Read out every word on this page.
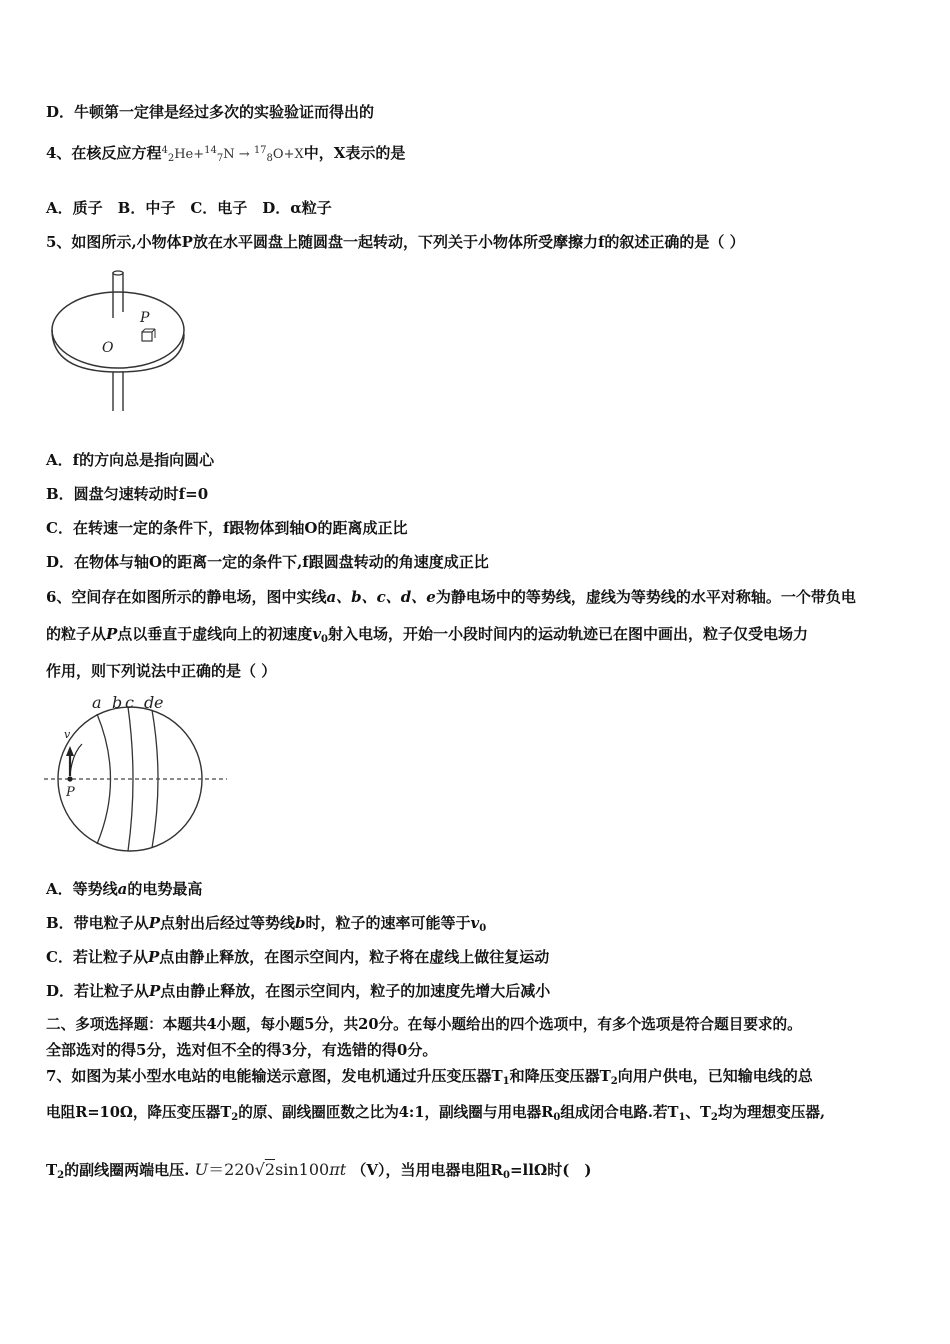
D．牛顿第一定律是经过多次的实验验证而得出的
4、在核反应方程$^4_2$He+$^{14}_7$N → $^{17}_8$O+X中，X表示的是
A．质子　B．中子　C．电子　D．α粒子
5、如图所示,小物体P放在水平圆盘上随圆盘一起转动，下列关于小物体所受摩擦力f的叙述正确的是（ ）
P
O
A．f的方向总是指向圆心
B．圆盘匀速转动时f=0
C．在转速一定的条件下，f跟物体到轴O的距离成正比
D．在物体与轴O的距离一定的条件下,f跟圆盘转动的角速度成正比
6、空间存在如图所示的静电场，图中实线a、b、c、d、e为静电场中的等势线，虚线为等势线的水平对称轴。一个带负电
的粒子从P点以垂直于虚线向上的初速度$v_0$射入电场，开始一小段时间内的运动轨迹已在图中画出，粒子仅受电场力
作用，则下列说法中正确的是（ ）
v
P
a b c d e
A．等势线a的电势最高
B．带电粒子从P点射出后经过等势线b时，粒子的速率可能等于$v_0$
C．若让粒子从P点由静止释放，在图示空间内，粒子将在虚线上做往复运动
D．若让粒子从P点由静止释放，在图示空间内，粒子的加速度先增大后减小
二、多项选择题：本题共4小题，每小题5分，共20分。在每小题给出的四个选项中，有多个选项是符合题目要求的。
全部选对的得5分，选对但不全的得3分，有选错的得0分。
7、如图为某小型水电站的电能输送示意图，发电机通过升压变压器$T_1$和降压变压器$T_2$向用户供电，已知输电线的总
电阻R=10Ω，降压变压器$T_2$的原、副线圈匝数之比为4:1，副线圈与用电器$R_0$组成闭合电路.若$T_1$、$T_2$均为理想变压器,
$T_2$的副线圈两端电压. U＝220√2sin100πt （V），当用电器电阻$R_0=ll\Omega$时(　)
